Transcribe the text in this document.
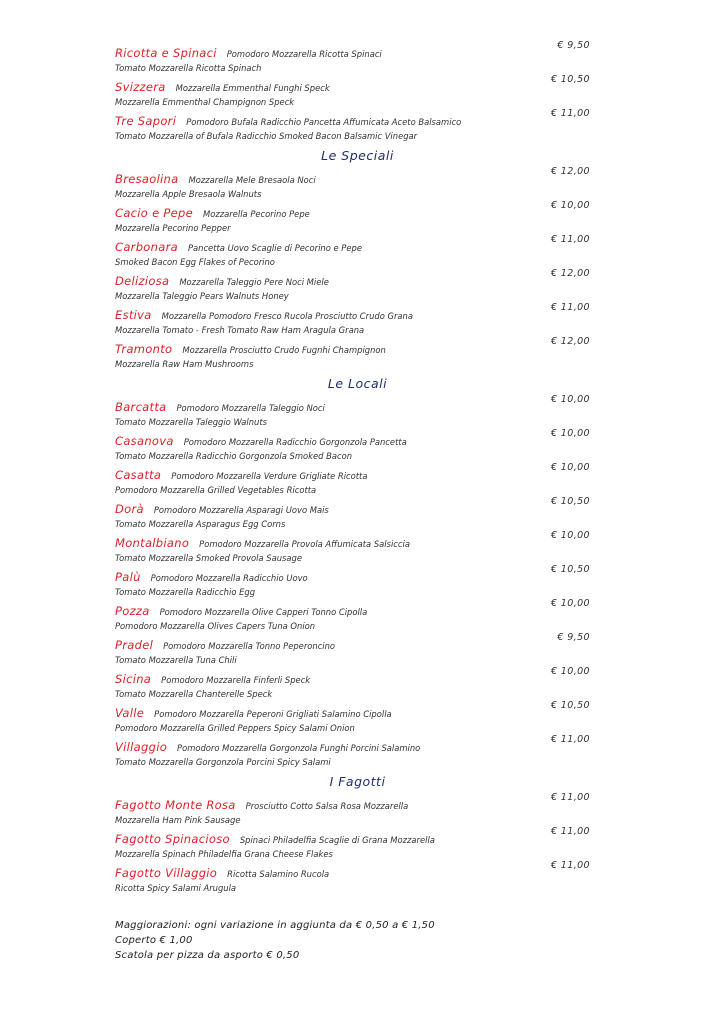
Ricotta e Spinaci Pomodoro Mozzarella Ricotta Spinaci
Tomato Mozzarella Ricotta Spinach
€ 9,50
Svizzera Mozzarella Emmenthal Funghi Speck
Mozzarella Emmenthal Champignon Speck
€ 10,50
Tre Sapori Pomodoro Bufala Radicchio Pancetta Affumicata Aceto Balsamico
Tomato Mozzarella of Bufala Radicchio Smoked Bacon Balsamic Vinegar
€ 11,00
Le Speciali
Bresaolina Mozzarella Mele Bresaola Noci
Mozzarella Apple Bresaola Walnuts
€ 12,00
Cacio e Pepe Mozzarella Pecorino Pepe
Mozzarella Pecorino Pepper
€ 10,00
Carbonara Pancetta Uovo Scaglie di Pecorino e Pepe
Smoked Bacon Egg Flakes of Pecorino
€ 11,00
Deliziosa Mozzarella Taleggio Pere Noci Miele
Mozzarella Taleggio Pears Walnuts Honey
€ 12,00
Estiva Mozzarella Pomodoro Fresco Rucola Prosciutto Crudo Grana
Mozzarella Tomato - Fresh Tomato Raw Ham Aragula Grana
€ 11,00
Tramonto Mozzarella Prosciutto Crudo Fugnhi Champignon
Mozzarella Raw Ham Mushrooms
€ 12,00
Le Locali
Barcatta Pomodoro Mozzarella Taleggio Noci
Tomato Mozzarella Taleggio Walnuts
€ 10,00
Casanova Pomodoro Mozzarella Radicchio Gorgonzola Pancetta
Tomato Mozzarella Radicchio Gorgonzola Smoked Bacon
€ 10,00
Casatta Pomodoro Mozzarella Verdure Grigliate Ricotta
Pomodoro Mozzarella Grilled Vegetables Ricotta
€ 10,00
Dorà Pomodoro Mozzarella Asparagi Uovo Mais
Tomato Mozzarella Asparagus Egg Corns
€ 10,50
Montalbiano Pomodoro Mozzarella Provola Affumicata Salsiccia
Tomato Mozzarella Smoked Provola Sausage
€ 10,00
Palù Pomodoro Mozzarella Radicchio Uovo
Tomato Mozzarella Radicchio Egg
€ 10,50
Pozza Pomodoro Mozzarella Olive Capperi Tonno Cipolla
Pomodoro Mozzarella Olives Capers Tuna Onion
€ 10,00
Pradel Pomodoro Mozzarella Tonno Peperoncino
Tomato Mozzarella Tuna Chili
€ 9,50
Sicina Pomodoro Mozzarella Finferli Speck
Tomato Mozzarella Chanterelle Speck
€ 10,00
Valle Pomodoro Mozzarella Peperoni Grigliati Salamino Cipolla
Pomodoro Mozzarella Grilled Peppers Spicy Salami Onion
€ 10,50
Villaggio Pomodoro Mozzarella Gorgonzola Funghi Porcini Salamino
Tomato Mozzarella Gorgonzola Porcini Spicy Salami
€ 11,00
I Fagotti
Fagotto Monte Rosa Prosciutto Cotto Salsa Rosa Mozzarella
Mozzarella Ham Pink Sausage
€ 11,00
Fagotto Spinacioso Spinaci Philadelfia Scaglie di Grana Mozzarella
Mozzarella Spinach Philadelfia Grana Cheese Flakes
€ 11,00
Fagotto Villaggio Ricotta Salamino Rucola
Ricotta Spicy Salami Arugula
€ 11,00
Maggiorazioni: ogni variazione in aggiunta da € 0,50 a € 1,50
Coperto € 1,00
Scatola per pizza da asporto € 0,50
